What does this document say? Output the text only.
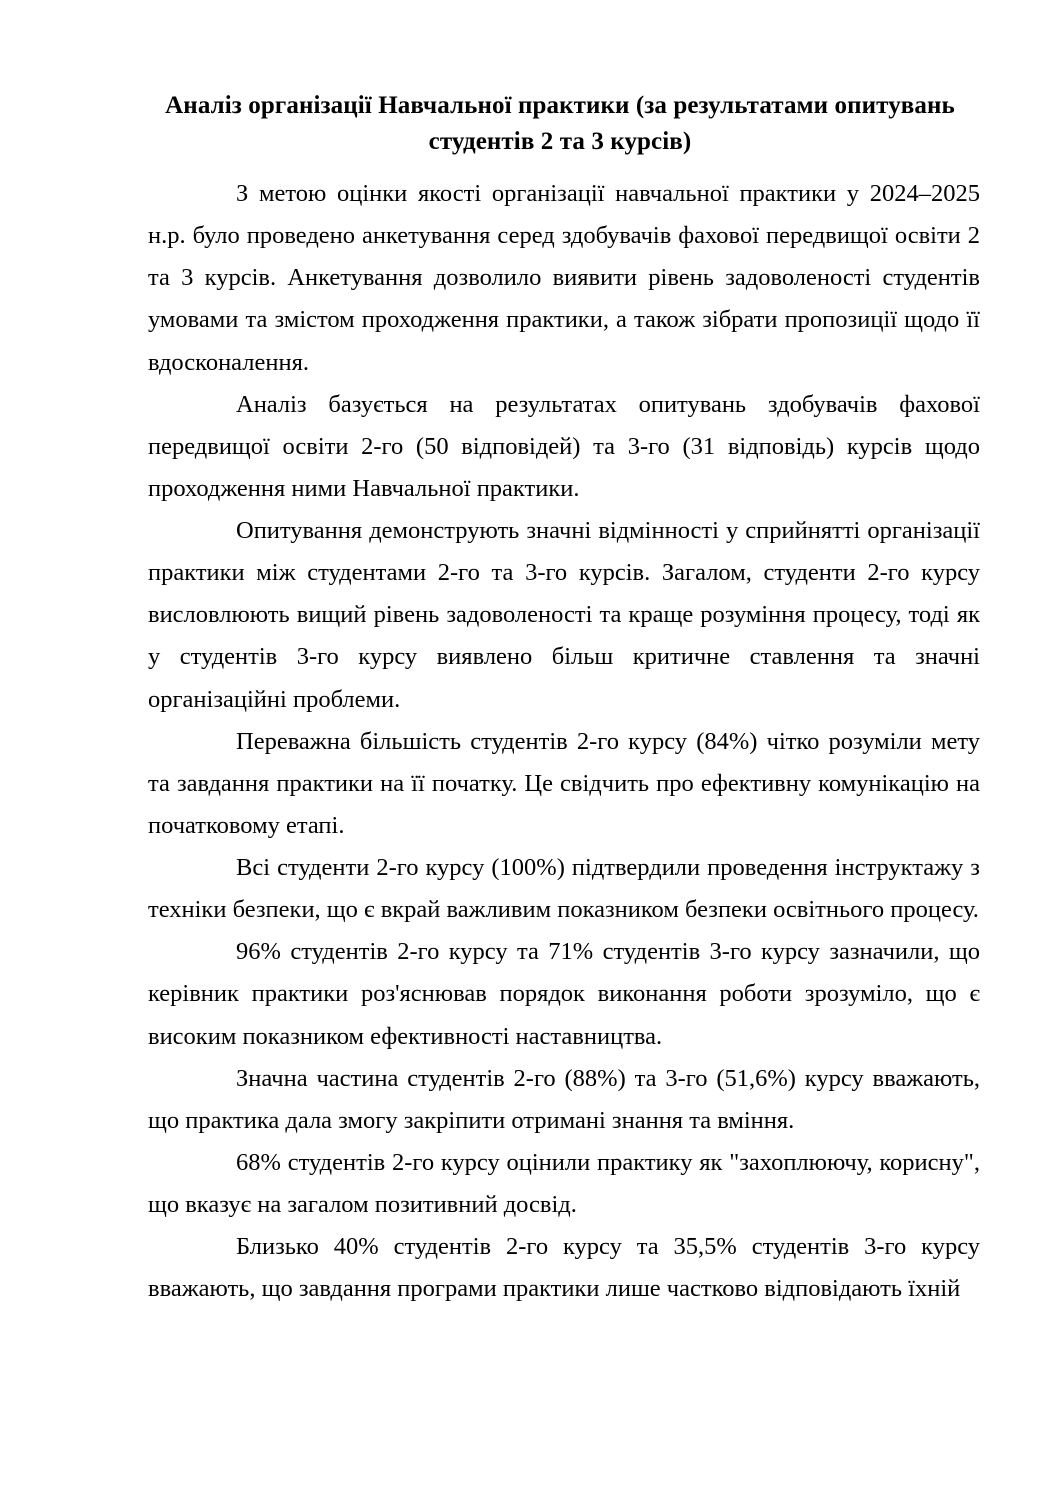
Аналіз організації Навчальної практики (за результатами опитувань студентів 2 та 3 курсів)

З метою оцінки якості організації навчальної практики у 2024–2025 н.р. було проведено анкетування серед здобувачів фахової передвищої освіти 2 та 3 курсів. Анкетування дозволило виявити рівень задоволеності студентів умовами та змістом проходження практики, а також зібрати пропозиції щодо її вдосконалення.

Аналіз базується на результатах опитувань здобувачів фахової передвищої освіти 2-го (50 відповідей) та 3-го (31 відповідь) курсів щодо проходження ними Навчальної практики.

Опитування демонструють значні відмінності у сприйнятті організації практики між студентами 2-го та 3-го курсів. Загалом, студенти 2-го курсу висловлюють вищий рівень задоволеності та краще розуміння процесу, тоді як у студентів 3-го курсу виявлено більш критичне ставлення та значні організаційні проблеми.

Переважна більшість студентів 2-го курсу (84%) чітко розуміли мету та завдання практики на її початку. Це свідчить про ефективну комунікацію на початковому етапі.

Всі студенти 2-го курсу (100%) підтвердили проведення інструктажу з техніки безпеки, що є вкрай важливим показником безпеки освітнього процесу.

96% студентів 2-го курсу та 71% студентів 3-го курсу зазначили, що керівник практики роз'яснював порядок виконання роботи зрозуміло, що є високим показником ефективності наставництва.

Значна частина студентів 2-го (88%) та 3-го (51,6%) курсу вважають, що практика дала змогу закріпити отримані знання та вміння.

68% студентів 2-го курсу оцінили практику як "захоплюючу, корисну", що вказує на загалом позитивний досвід.

Близько 40% студентів 2-го курсу та 35,5% студентів 3-го курсу вважають, що завдання програми практики лише частково відповідають їхній
